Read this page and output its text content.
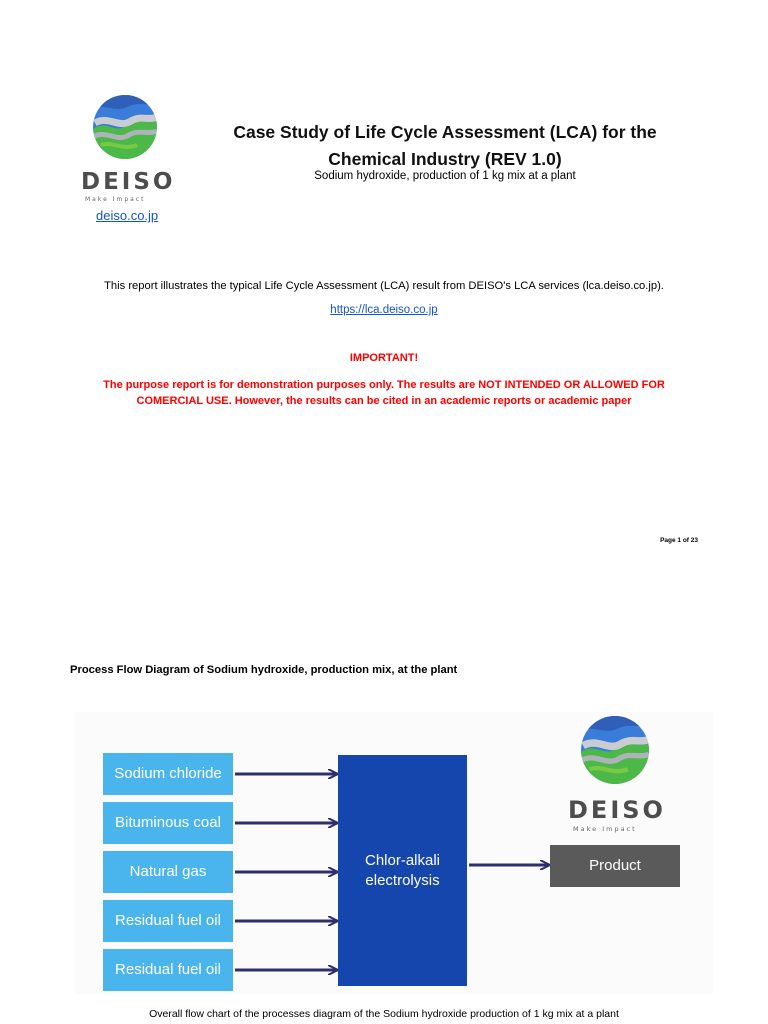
DEISO
Make Impact
deiso.co.jp
Case Study of Life Cycle Assessment (LCA) for the Chemical Industry (REV 1.0)
Sodium hydroxide, production of 1 kg mix at a plant
This report illustrates the typical Life Cycle Assessment (LCA) result from DEISO's LCA services (lca.deiso.co.jp).
https://lca.deiso.co.jp
IMPORTANT!
The purpose report is for demonstration purposes only. The results are NOT INTENDED OR ALLOWED FOR COMERCIAL USE. However, the results can be cited in an academic reports or academic paper
Page 1 of 23
Process Flow Diagram of Sodium hydroxide, production mix, at the plant
Sodium chloride
Bituminous coal
Natural gas
Residual fuel oil
Residual fuel oil
Chlor-alkali electrolysis
Product
DEISO
Make Impact
Overall flow chart of the processes diagram of the Sodium hydroxide production of 1 kg mix at a plant
